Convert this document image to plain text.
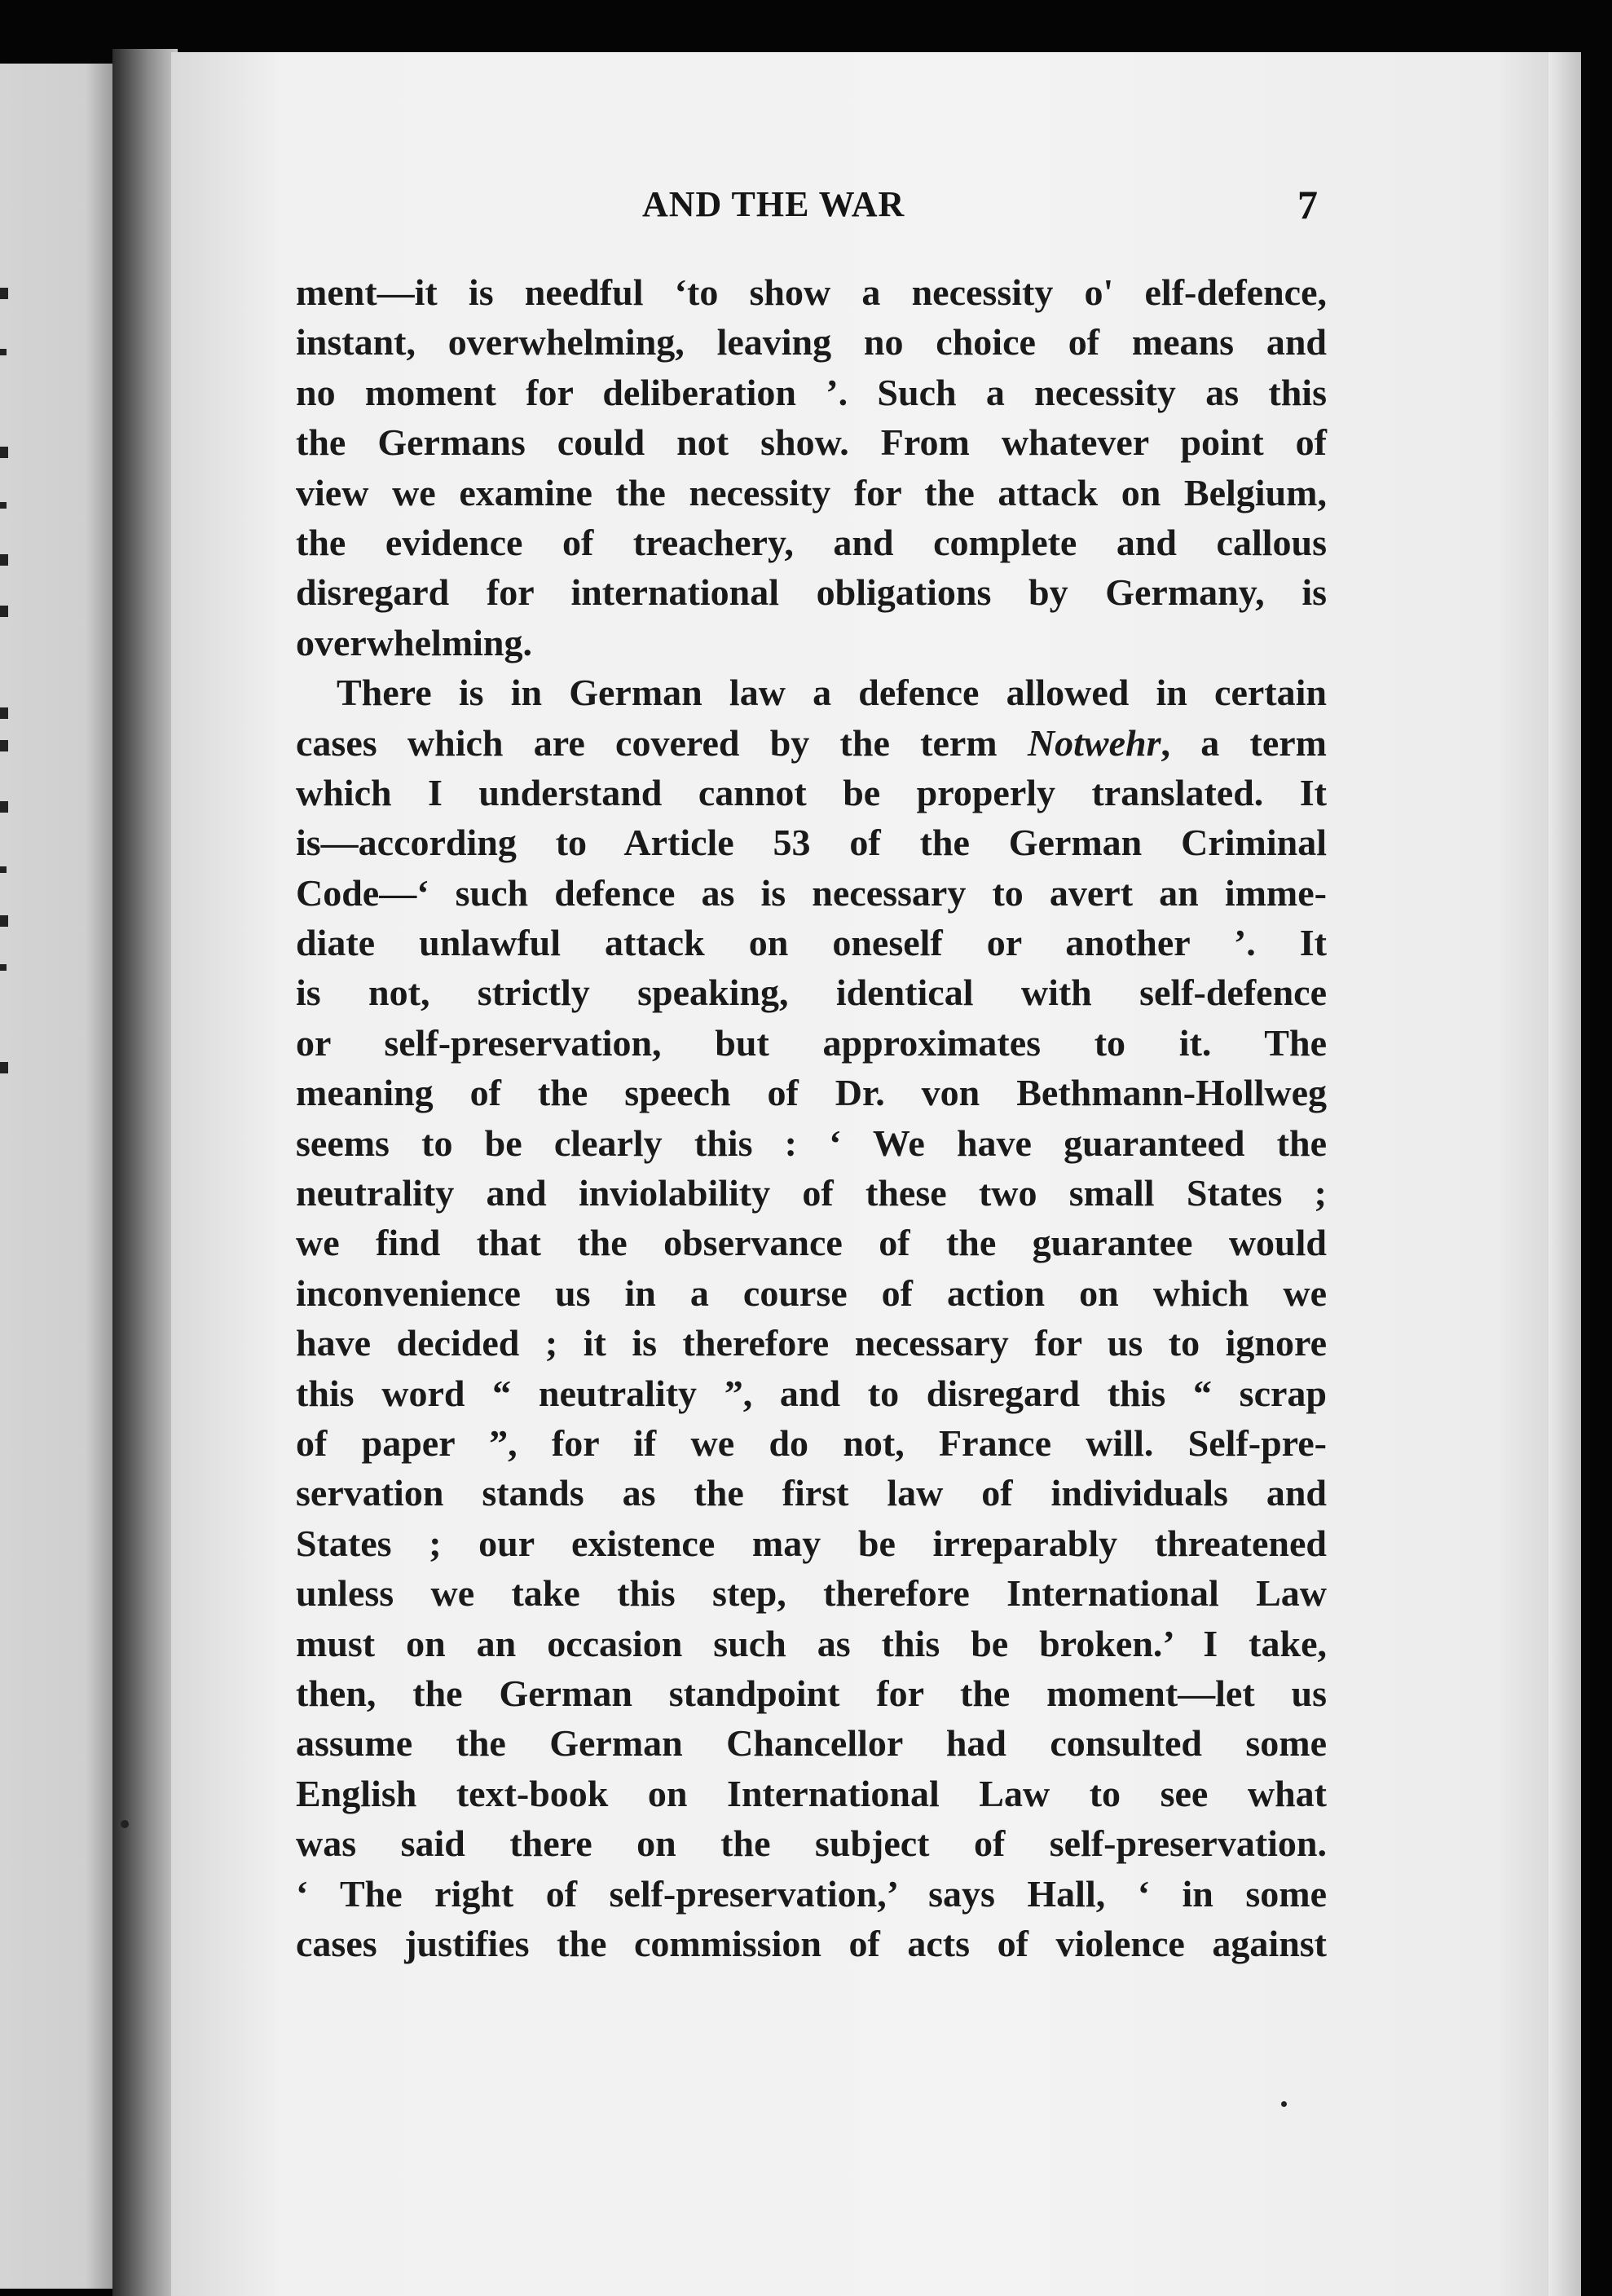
AND THE WAR	7
ment—it is needful ‘to show a necessity o' elf-defence,
instant, overwhelming, leaving no choice of means and
no moment for deliberation ’. Such a necessity as this
the Germans could not show. From whatever point of
view we examine the necessity for the attack on Belgium,
the evidence of treachery, and complete and callous
disregard for international obligations by Germany, is
overwhelming.
There is in German law a defence allowed in certain
cases which are covered by the term Notwehr, a term
which I understand cannot be properly translated. It
is—according to Article 53 of the German Criminal
Code—‘ such defence as is necessary to avert an imme-
diate unlawful attack on oneself or another ’. It
is not, strictly speaking, identical with self-defence
or self-preservation, but approximates to it. The
meaning of the speech of Dr. von Bethmann-Hollweg
seems to be clearly this : ‘ We have guaranteed the
neutrality and inviolability of these two small States ;
we find that the observance of the guarantee would
inconvenience us in a course of action on which we
have decided ; it is therefore necessary for us to ignore
this word “ neutrality ”, and to disregard this “ scrap
of paper ”, for if we do not, France will. Self-pre-
servation stands as the first law of individuals and
States ; our existence may be irreparably threatened
unless we take this step, therefore International Law
must on an occasion such as this be broken.’ I take,
then, the German standpoint for the moment—let us
assume the German Chancellor had consulted some
English text-book on International Law to see what
was said there on the subject of self-preservation.
‘ The right of self-preservation,’ says Hall, ‘ in some
cases justifies the commission of acts of violence against
